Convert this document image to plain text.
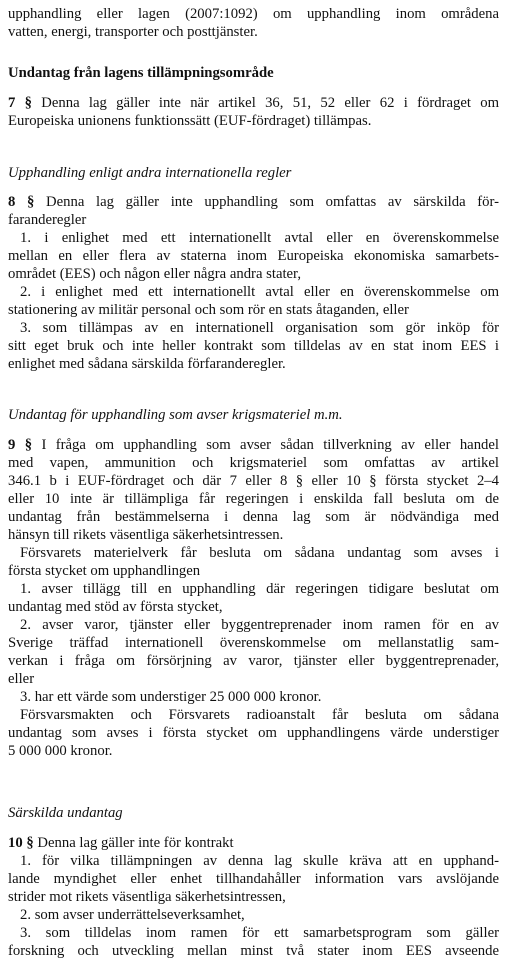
upphandling eller lagen (2007:1092) om upphandling inom områdena
vatten, energi, transporter och posttjänster.
Undantag från lagens tillämpningsområde
7 § Denna lag gäller inte när artikel 36, 51, 52 eller 62 i fördraget om
Europeiska unionens funktionssätt (EUF-fördraget) tillämpas.
Upphandling enligt andra internationella regler
8 § Denna lag gäller inte upphandling som omfattas av särskilda för-
faranderegler
1. i enlighet med ett internationellt avtal eller en överenskommelse
mellan en eller flera av staterna inom Europeiska ekonomiska samarbets-
området (EES) och någon eller några andra stater,
2. i enlighet med ett internationellt avtal eller en överenskommelse om
stationering av militär personal och som rör en stats åtaganden, eller
3. som tillämpas av en internationell organisation som gör inköp för
sitt eget bruk och inte heller kontrakt som tilldelas av en stat inom EES i
enlighet med sådana särskilda förfaranderegler.
Undantag för upphandling som avser krigsmateriel m.m.
9 § I fråga om upphandling som avser sådan tillverkning av eller handel
med vapen, ammunition och krigsmateriel som omfattas av artikel
346.1 b i EUF-fördraget och där 7 eller 8 § eller 10 § första stycket 2–4
eller 10 inte är tillämpliga får regeringen i enskilda fall besluta om de
undantag från bestämmelserna i denna lag som är nödvändiga med
hänsyn till rikets väsentliga säkerhetsintressen.
Försvarets materielverk får besluta om sådana undantag som avses i
första stycket om upphandlingen
1. avser tillägg till en upphandling där regeringen tidigare beslutat om
undantag med stöd av första stycket,
2. avser varor, tjänster eller byggentreprenader inom ramen för en av
Sverige träffad internationell överenskommelse om mellanstatlig sam-
verkan i fråga om försörjning av varor, tjänster eller byggentreprenader,
eller
3. har ett värde som understiger 25 000 000 kronor.
Försvarsmakten och Försvarets radioanstalt får besluta om sådana
undantag som avses i första stycket om upphandlingens värde understiger
5 000 000 kronor.
Särskilda undantag
10 § Denna lag gäller inte för kontrakt
1. för vilka tillämpningen av denna lag skulle kräva att en upphand-
lande myndighet eller enhet tillhandahåller information vars avslöjande
strider mot rikets väsentliga säkerhetsintressen,
2. som avser underrättelseverksamhet,
3. som tilldelas inom ramen för ett samarbetsprogram som gäller
forskning och utveckling mellan minst två stater inom EES avseende
